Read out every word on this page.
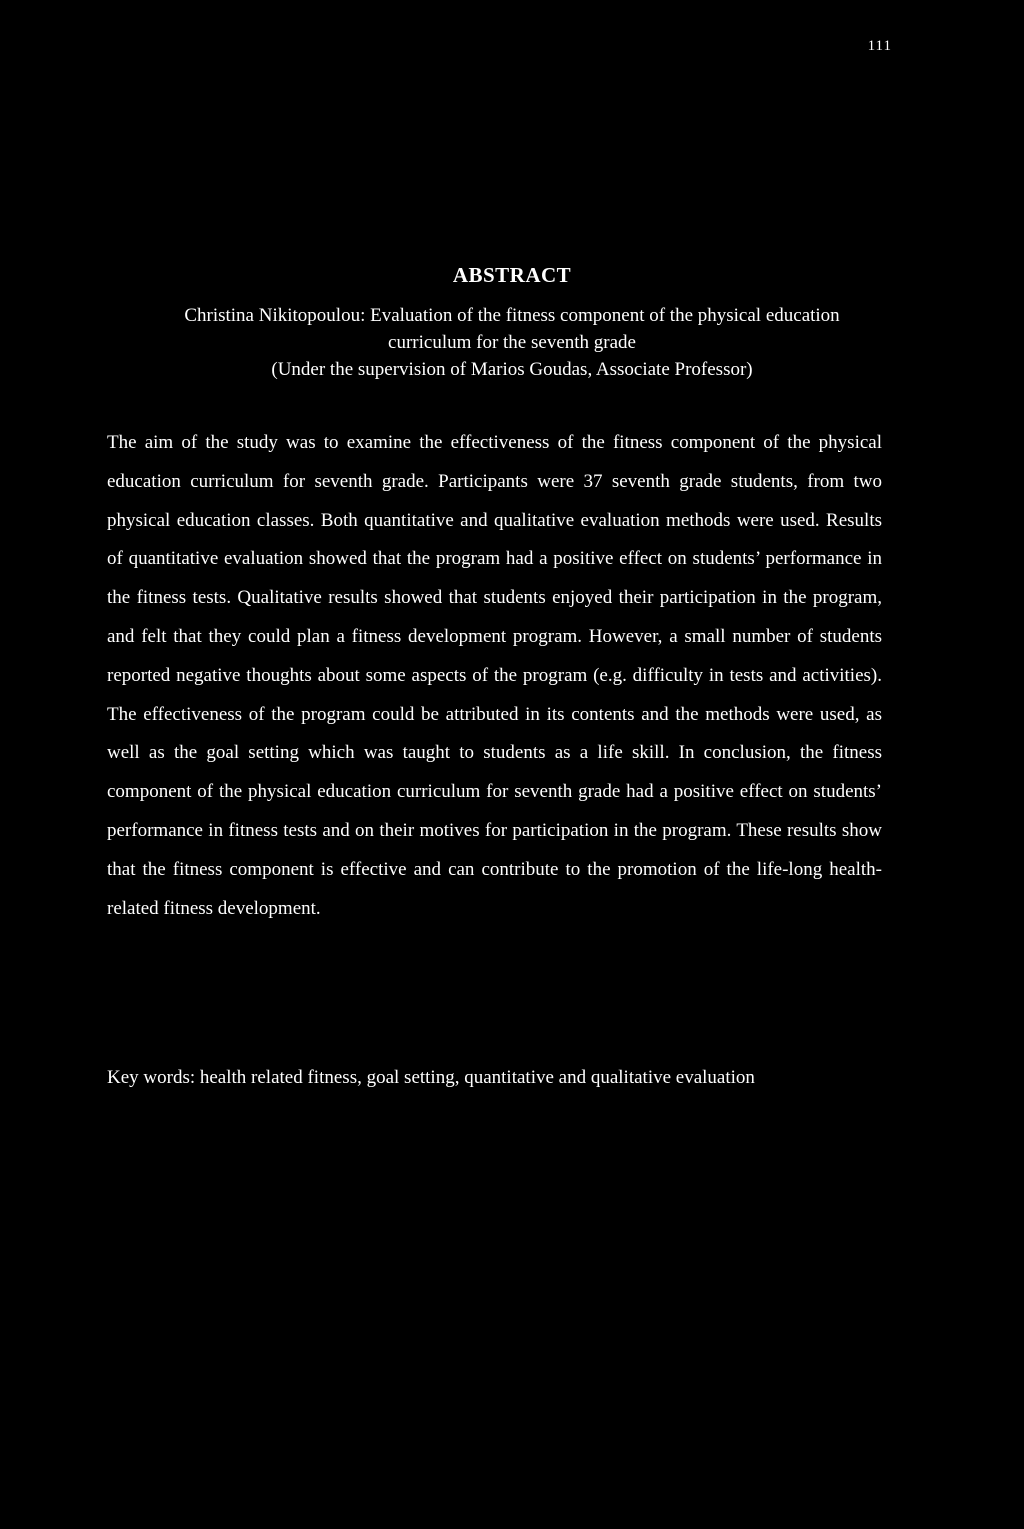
111
ABSTRACT
Christina Nikitopoulou: Evaluation of the fitness component of the physical education
curriculum for the seventh grade
(Under the supervision of Marios Goudas, Associate Professor)

The aim of the study was to examine the effectiveness of the fitness component of the physical education curriculum for seventh grade. Participants were 37 seventh grade students, from two physical education classes. Both quantitative and qualitative evaluation methods were used. Results of quantitative evaluation showed that the program had a positive effect on students’ performance in the fitness tests. Qualitative results showed that students enjoyed their participation in the program, and felt that they could plan a fitness development program. However, a small number of students reported negative thoughts about some aspects of the program (e.g. difficulty in tests and activities). The effectiveness of the program could be attributed in its contents and the methods were used, as well as the goal setting which was taught to students as a life skill. In conclusion, the fitness component of the physical education curriculum for seventh grade had a positive effect on students’ performance in fitness tests and on their motives for participation in the program. These results show that the fitness component is effective and can contribute to the promotion of the life-long health-related fitness development.

Key words: health related fitness, goal setting, quantitative and qualitative evaluation
